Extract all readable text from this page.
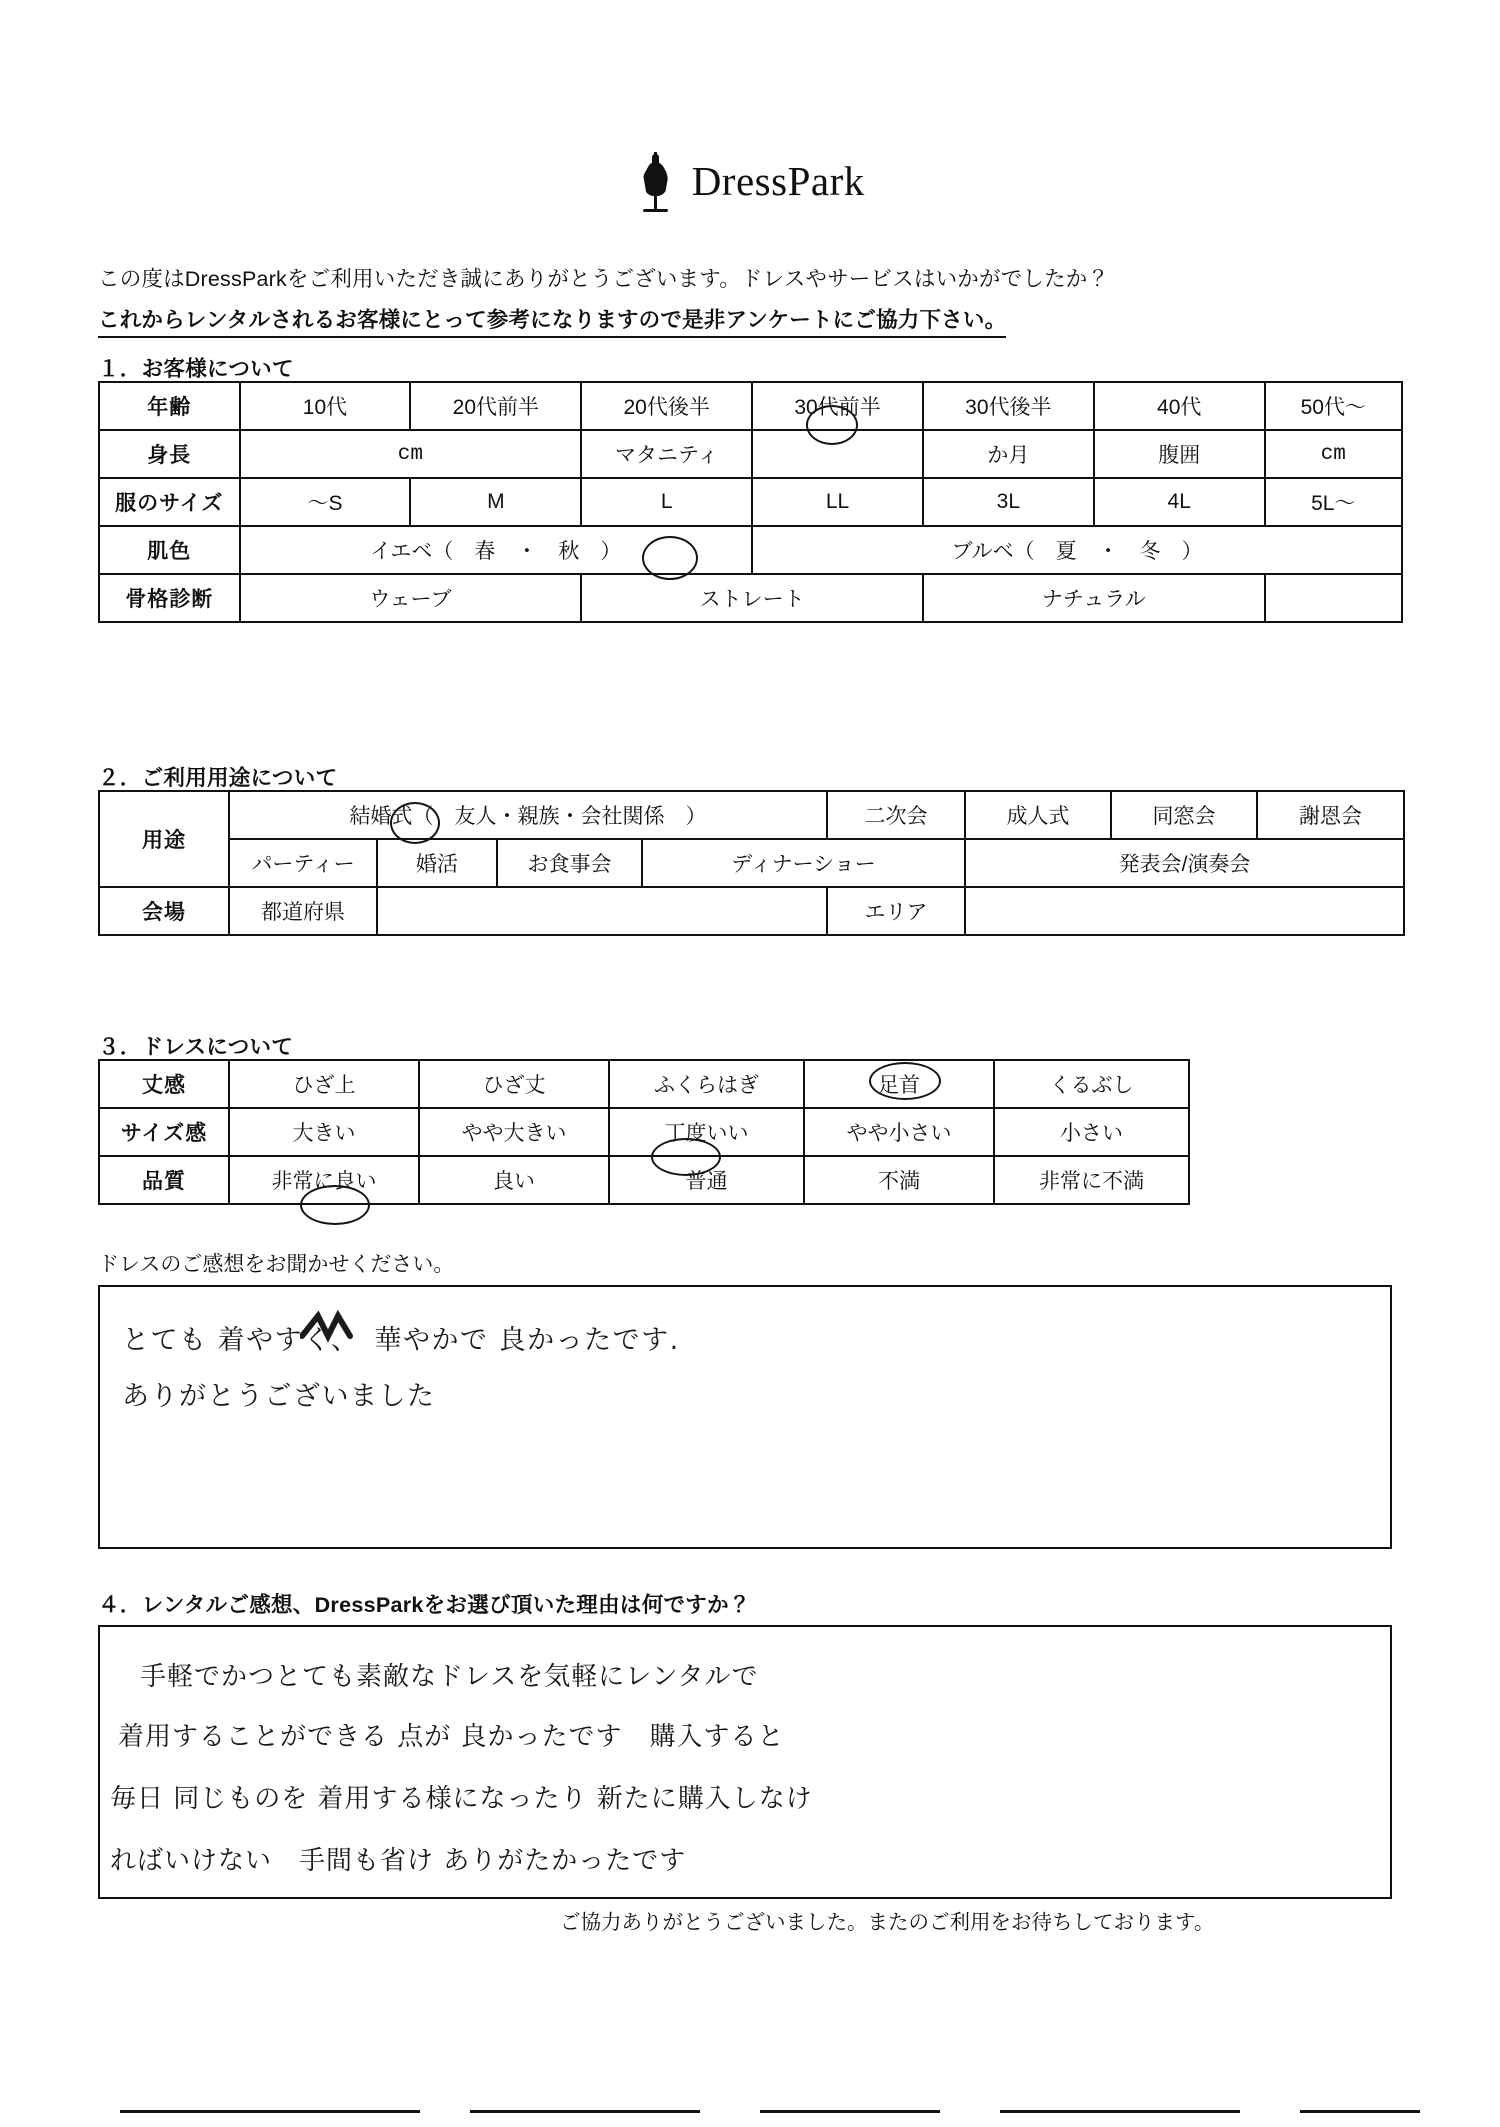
DressPark
この度はDressParkをご利用いただき誠にありがとうございます。ドレスやサービスはいかがでしたか？
これからレンタルされるお客様にとって参考になりますので是非アンケートにご協力下さい。
１．お客様について
年齢	10代	20代前半	20代後半	30代前半	30代後半	40代	50代〜
身長	cm		マタニティ		か月	腹囲	cm
服のサイズ	〜S	M	L	LL	3L	4L	5L〜
肌色	イエベ（　春　・　秋　）			ブルベ（　夏　・　冬　）			
骨格診断	ウェーブ		ストレート		ナチュラル		
２．ご利用用途について
用途	結婚式（　友人・親族・会社関係　）				二次会	成人式	同窓会	謝恩会
	パーティー	婚活	お食事会	ディナーショー		発表会/演奏会		
会場	都道府県				エリア			
３．ドレスについて
丈感	ひざ上	ひざ丈	ふくらはぎ	足首	くるぶし
サイズ感	大きい	やや大きい	丁度いい	やや小さい	小さい
品質	非常に良い	良い	普通	不満	非常に不満
ドレスのご感想をお聞かせください。
とても 着やすく、　華やかで 良かったです.
ありがとうございました
４．レンタルご感想、DressParkをお選び頂いた理由は何ですか？
手軽でかつとても素敵なドレスを気軽にレンタルで
着用することができる 点が 良かったです　購入すると
毎日 同じものを 着用する様になったり 新たに購入しなけ
ればいけない　手間も省け ありがたかったです
ご協力ありがとうございました。またのご利用をお待ちしております。
